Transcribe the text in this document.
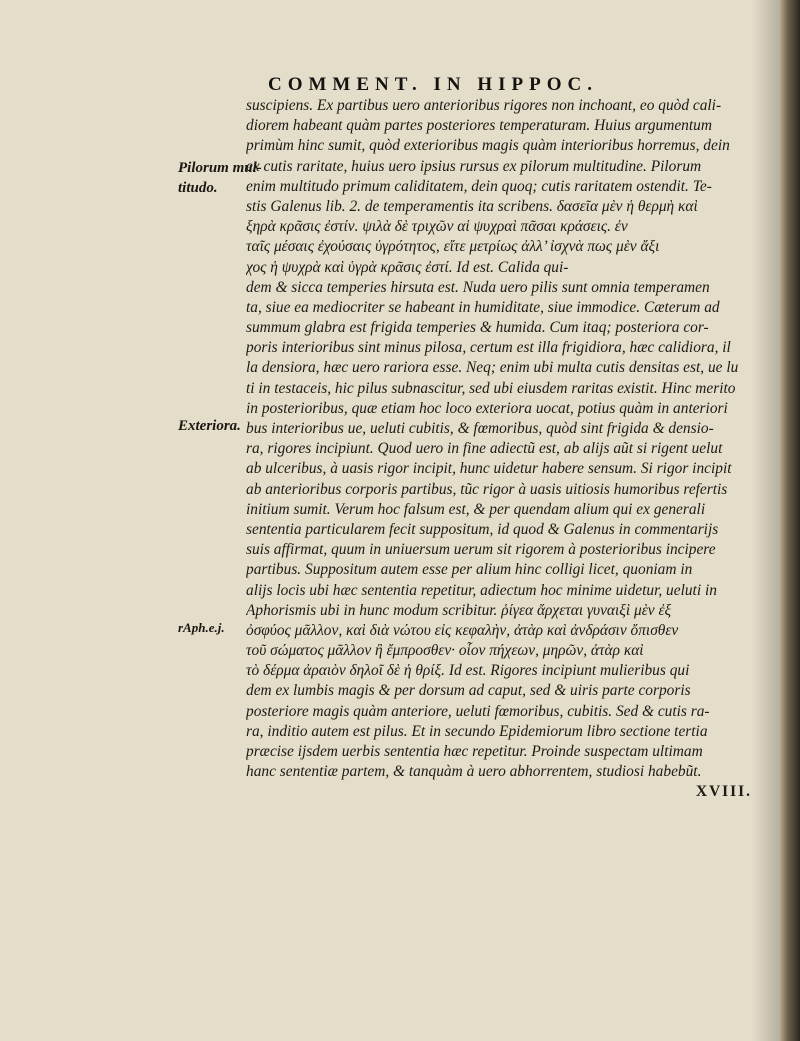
COMMENT. IN HIPPOC.
Pilorum mul-
titudo.
Exteriora.
rAph.e.j.
suscipiens. Ex partibus uero anterioribus rigores non inchoant, eo quòd cali-
diorem habeant quàm partes posteriores temperaturam. Huius argumentum
primùm hinc sumit, quòd exterioribus magis quàm interioribus horremus, dein
ex cutis raritate, huius uero ipsius rursus ex pilorum multitudine. Pilorum
enim multitudo primum caliditatem, dein quoq; cutis raritatem ostendit. Te-
stis Galenus lib. 2. de temperamentis ita scribens. δασεῖα μὲν ἡ θερμὴ καὶ
ξηρὰ κρᾶσις ἐστίν. ψιλὰ δὲ τριχῶν αἱ ψυχραὶ πᾶσαι κράσεις. ἐν
ταῖς μέσαις ἐχούσαις ὑγρότητος, εἴτε μετρίως ἀλλ’ ἰσχνὰ πως μὲν ἄξι
χος ἡ ψυχρὰ καὶ ὑγρὰ κρᾶσις ἐστί. Id est. Calida qui-
dem & sicca temperies hirsuta est. Nuda uero pilis sunt omnia temperamen
ta, siue ea mediocriter se habeant in humiditate, siue immodice. Cæterum ad
summum glabra est frigida temperies & humida. Cum itaq; posteriora cor-
poris interioribus sint minus pilosa, certum est illa frigidiora, hæc calidiora, il
la densiora, hæc uero rariora esse. Neq; enim ubi multa cutis densitas est, ue lu
ti in testaceis, hic pilus subnascitur, sed ubi eiusdem raritas existit. Hinc merito
in posterioribus, quæ etiam hoc loco exteriora uocat, potius quàm in anteriori
bus interioribus ue, ueluti cubitis, & fœmoribus, quòd sint frigida & densio-
ra, rigores incipiunt. Quod uero in fine adiectũ est, ab alijs aũt si rigent uelut
ab ulceribus, à uasis rigor incipit, hunc uidetur habere sensum. Si rigor incipit
ab anterioribus corporis partibus, tũc rigor à uasis uitiosis humoribus refertis
initium sumit. Verum hoc falsum est, & per quendam alium qui ex generali
sententia particularem fecit suppositum, id quod & Galenus in commentarijs
suis affirmat, quum in uniuersum uerum sit rigorem à posterioribus incipere
partibus. Suppositum autem esse per alium hinc colligi licet, quoniam in
alijs locis ubi hæc sententia repetitur, adiectum hoc minime uidetur, ueluti in
Aphorismis ubi in hunc modum scribitur. ῥίγεα ἄρχεται γυναιξὶ μὲν ἐξ
ὀσφύος μᾶλλον, καὶ διὰ νώτου εἰς κεφαλὴν, ἀτὰρ καὶ ἀνδράσιν ὄπισθεν
τοῦ σώματος μᾶλλον ἢ ἔμπροσθεν· οἷον πήχεων, μηρῶν, ἀτὰρ καὶ
τὸ δέρμα ἀραιὸν δηλοῖ δὲ ἡ θρίξ. Id est. Rigores incipiunt mulieribus qui
dem ex lumbis magis & per dorsum ad caput, sed & uiris parte corporis
posteriore magis quàm anteriore, ueluti fœmoribus, cubitis. Sed & cutis ra-
ra, inditio autem est pilus. Et in secundo Epidemiorum libro sectione tertia
præcise ijsdem uerbis sententia hæc repetitur. Proinde suspectam ultimam
hanc sententiæ partem, & tanquàm à uero abhorrentem, studiosi habebũt.
XVIII.
